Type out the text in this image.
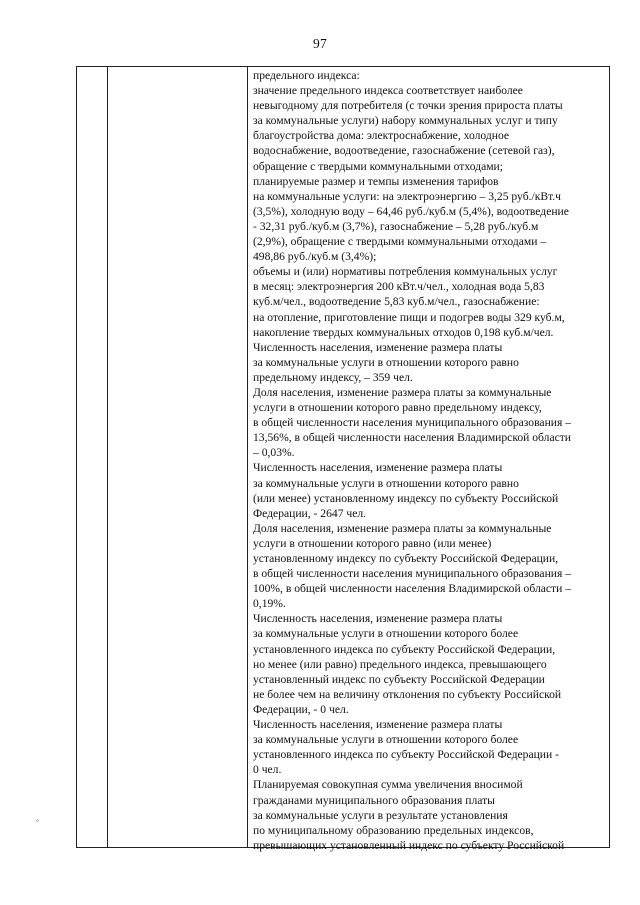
97
предельного индекса:
значение предельного индекса соответствует наиболее
невыгодному для потребителя (с точки зрения прироста платы
за коммунальные услуги) набору коммунальных услуг и типу
благоустройства дома: электроснабжение, холодное
водоснабжение, водоотведение, газоснабжение (сетевой газ),
обращение с твердыми коммунальными отходами;
планируемые размер и темпы изменения тарифов
на коммунальные услуги: на электроэнергию – 3,25 руб./кВт.ч
(3,5%), холодную воду – 64,46 руб./куб.м (5,4%), водоотведение
- 32,31 руб./куб.м (3,7%), газоснабжение – 5,28 руб./куб.м
(2,9%), обращение с твердыми коммунальными отходами –
498,86 руб./куб.м (3,4%);
объемы и (или) нормативы потребления коммунальных услуг
в месяц: электроэнергия 200 кВт.ч/чел., холодная вода 5,83
куб.м/чел., водоотведение 5,83 куб.м/чел., газоснабжение:
на отопление, приготовление пищи и подогрев воды 329 куб.м,
накопление твердых коммунальных отходов 0,198 куб.м/чел.
Численность населения, изменение размера платы
за коммунальные услуги в отношении которого равно
предельному индексу, – 359 чел.
Доля населения, изменение размера платы за коммунальные
услуги в отношении которого равно предельному индексу,
в общей численности населения муниципального образования –
13,56%, в общей численности населения Владимирской области
– 0,03%.
Численность населения, изменение размера платы
за коммунальные услуги в отношении которого равно
(или менее) установленному индексу по субъекту Российской
Федерации, - 2647 чел.
Доля населения, изменение размера платы за коммунальные
услуги в отношении которого равно (или менее)
установленному индексу по субъекту Российской Федерации,
в общей численности населения муниципального образования –
100%, в общей численности населения Владимирской области –
0,19%.
Численность населения, изменение размера платы
за коммунальные услуги в отношении которого более
установленного индекса по субъекту Российской Федерации,
но менее (или равно) предельного индекса, превышающего
установленный индекс по субъекту Российской Федерации
не более чем на величину отклонения по субъекту Российской
Федерации, - 0 чел.
Численность населения, изменение размера платы
за коммунальные услуги в отношении которого более
установленного индекса по субъекту Российской Федерации -
0 чел.
Планируемая совокупная сумма увеличения вносимой
гражданами муниципального образования платы
за коммунальные услуги в результате установления
по муниципальному образованию предельных индексов,
превышающих установленный индекс по субъекту Российской
°
